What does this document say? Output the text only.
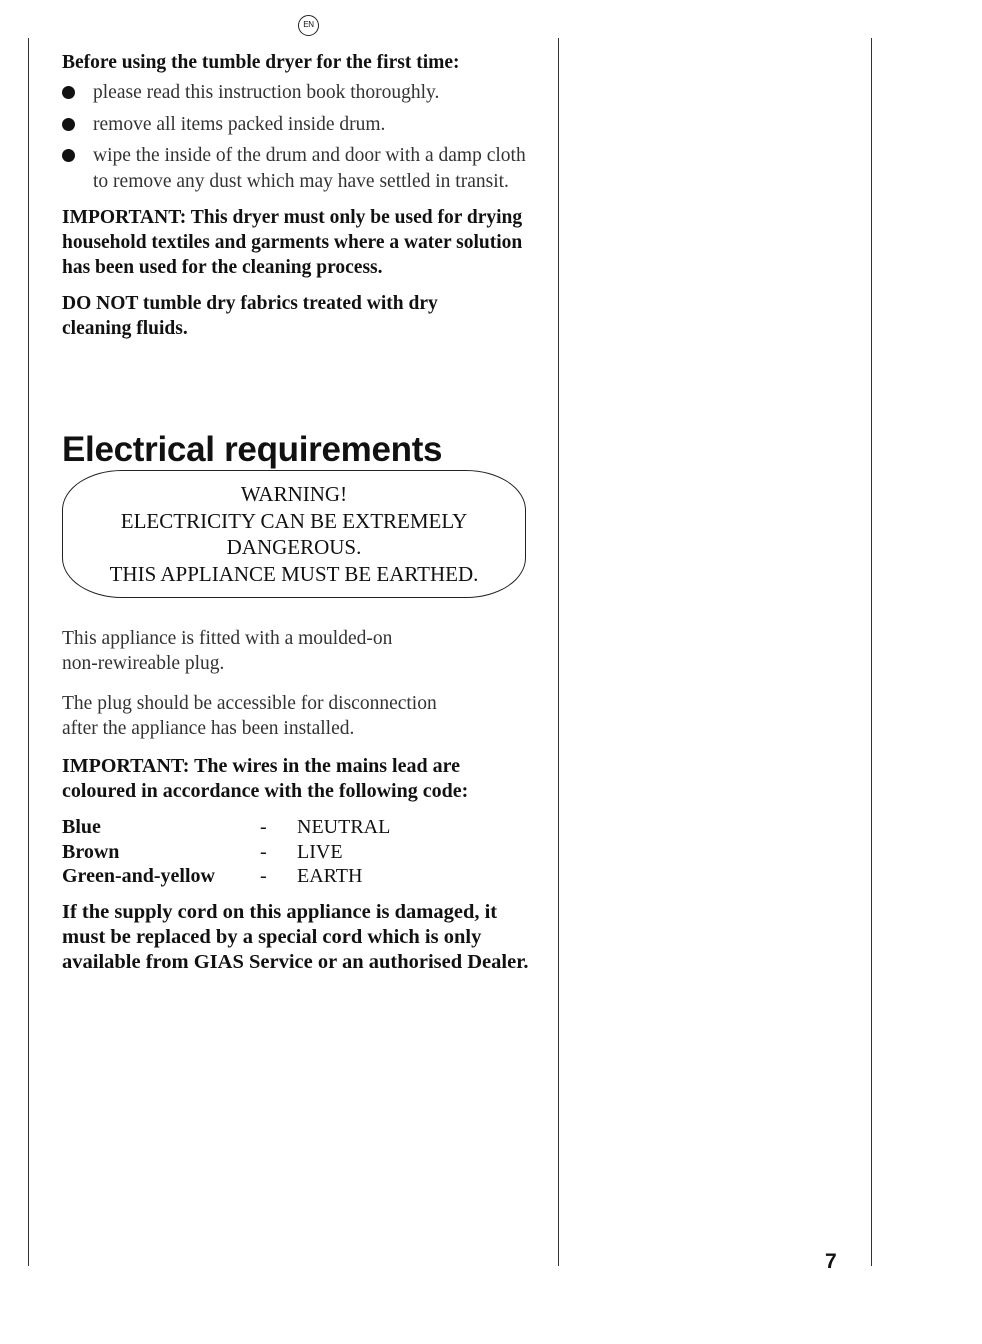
EN

Before using the tumble dryer for the first time:

please read this instruction book thoroughly.
remove all items packed inside drum.
wipe the inside of the drum and door with a damp cloth to remove any dust which may have settled in transit.

IMPORTANT: This dryer must only be used for drying household textiles and garments where a water solution has been used for the cleaning process.

DO NOT tumble dry fabrics treated with dry cleaning fluids.

Electrical requirements
WARNING!
ELECTRICITY CAN BE EXTREMELY
DANGEROUS.
THIS APPLIANCE MUST BE EARTHED.
This appliance is fitted with a moulded-on
non-rewireable plug.
The plug should be accessible for disconnection
after the appliance has been installed.
IMPORTANT: The wires in the mains lead are
coloured in accordance with the following code:
Blue	- NEUTRAL
Brown	- LIVE
Green-and-yellow - EARTH

If the supply cord on this appliance is damaged, it must be replaced by a special cord which is only available from GIAS Service or an authorised Dealer.

7
